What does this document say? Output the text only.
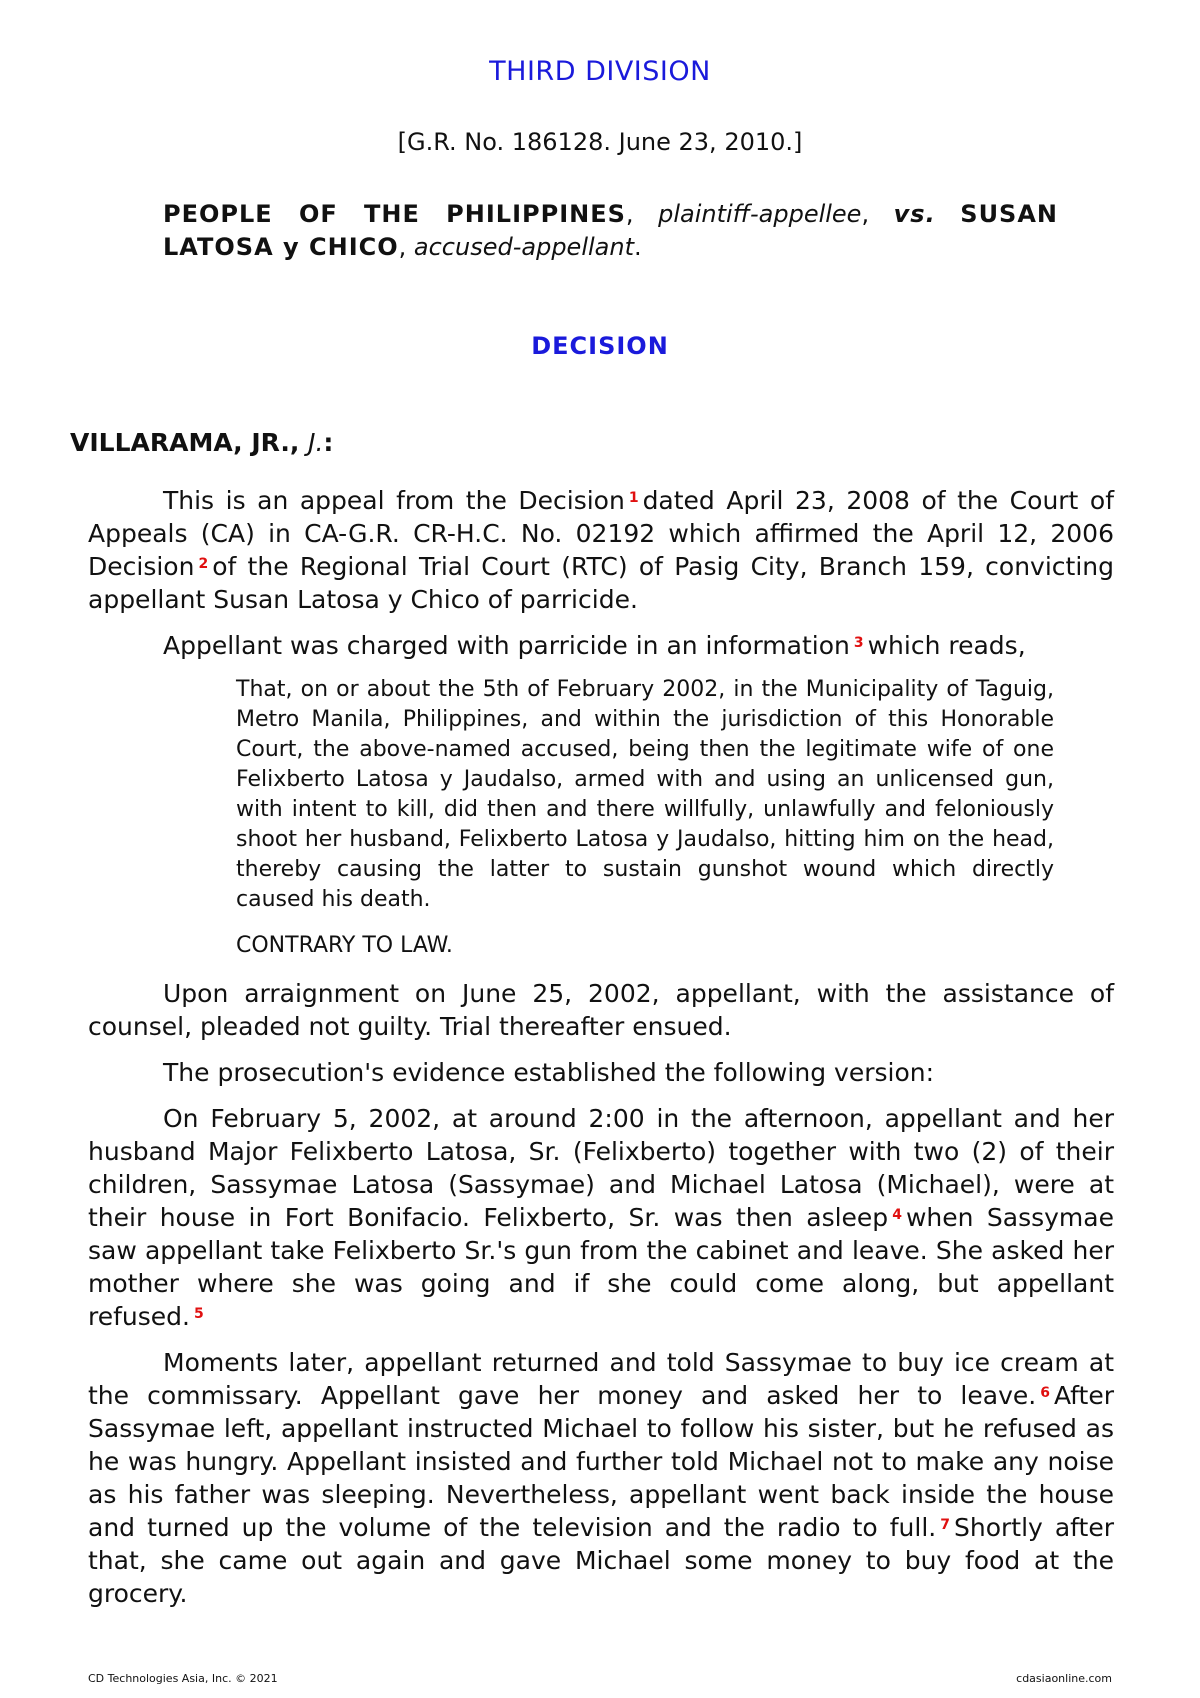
THIRD DIVISION
[G.R. No. 186128. June 23, 2010.]
PEOPLE OF THE PHILIPPINES, plaintiff-appellee, vs. SUSAN LATOSA y CHICO, accused-appellant.
DECISION
VILLARAMA, JR., J.:

This is an appeal from the Decision $^1$ dated April 23, 2008 of the Court of Appeals (CA) in CA-G.R. CR-H.C. No. 02192 which affirmed the April 12, 2006 Decision $^2$ of the Regional Trial Court (RTC) of Pasig City, Branch 159, convicting appellant Susan Latosa y Chico of parricide.

Appellant was charged with parricide in an information $^3$ which reads,

That, on or about the 5th of February 2002, in the Municipality of Taguig, Metro Manila, Philippines, and within the jurisdiction of this Honorable Court, the above-named accused, being then the legitimate wife of one Felixberto Latosa y Jaudalso, armed with and using an unlicensed gun, with intent to kill, did then and there willfully, unlawfully and feloniously shoot her husband, Felixberto Latosa y Jaudalso, hitting him on the head, thereby causing the latter to sustain gunshot wound which directly caused his death.

CONTRARY TO LAW.

Upon arraignment on June 25, 2002, appellant, with the assistance of counsel, pleaded not guilty. Trial thereafter ensued.

The prosecution's evidence established the following version:

On February 5, 2002, at around 2:00 in the afternoon, appellant and her husband Major Felixberto Latosa, Sr. (Felixberto) together with two (2) of their children, Sassymae Latosa (Sassymae) and Michael Latosa (Michael), were at their house in Fort Bonifacio. Felixberto, Sr. was then asleep $^4$ when Sassymae saw appellant take Felixberto Sr.'s gun from the cabinet and leave. She asked her mother where she was going and if she could come along, but appellant refused. $^5$

Moments later, appellant returned and told Sassymae to buy ice cream at the commissary. Appellant gave her money and asked her to leave. $^6$ After Sassymae left, appellant instructed Michael to follow his sister, but he refused as he was hungry. Appellant insisted and further told Michael not to make any noise as his father was sleeping. Nevertheless, appellant went back inside the house and turned up the volume of the television and the radio to full. $^7$ Shortly after that, she came out again and gave Michael some money to buy food at the grocery.

CD Technologies Asia, Inc. © 2021	cdasiaonline.com
